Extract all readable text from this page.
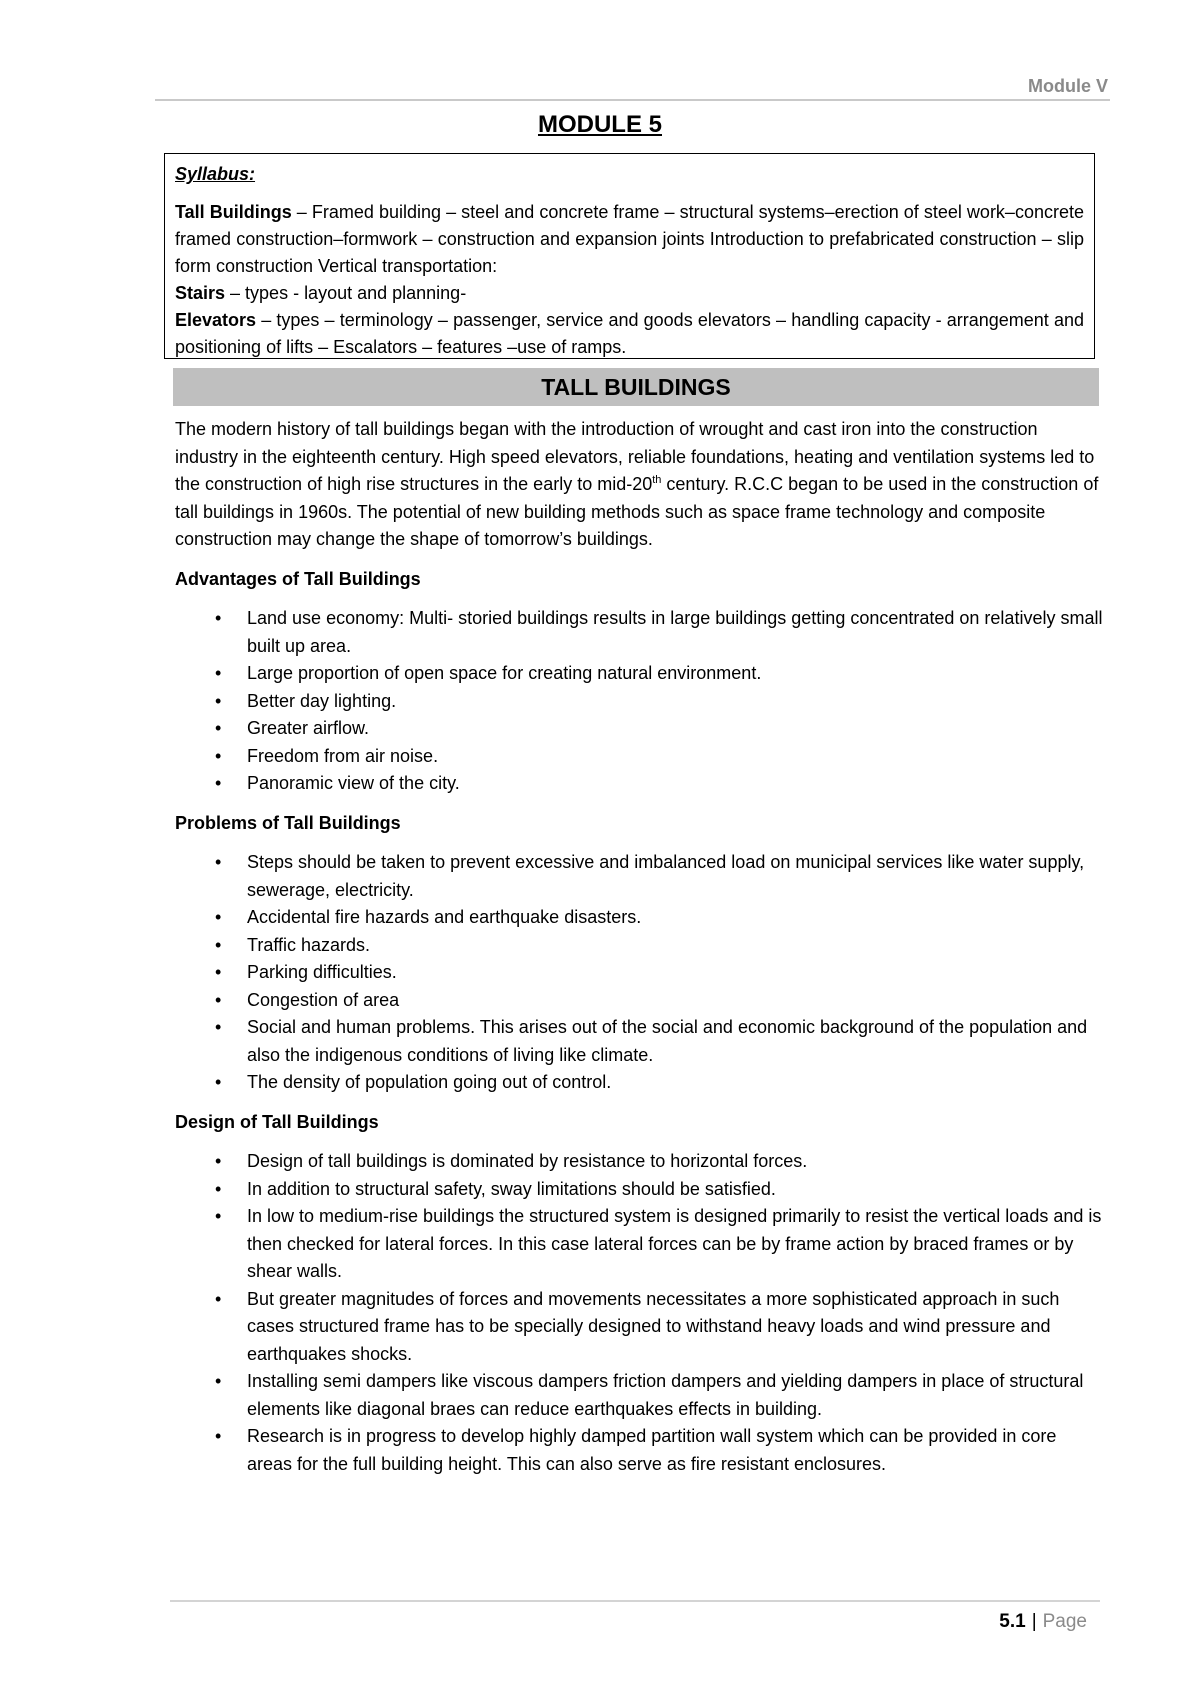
Module V
MODULE 5
Syllabus:
Tall Buildings – Framed building – steel and concrete frame – structural systems–erection of steel work–concrete framed construction–formwork – construction and expansion joints Introduction to prefabricated construction – slip form construction Vertical transportation:
Stairs – types - layout and planning-
Elevators – types – terminology – passenger, service and goods elevators – handling capacity - arrangement and positioning of lifts – Escalators – features –use of ramps.
TALL BUILDINGS

The modern history of tall buildings began with the introduction of wrought and cast iron into the construction industry in the eighteenth century. High speed elevators, reliable foundations, heating and ventilation systems led to the construction of high rise structures in the early to mid-20th century. R.C.C began to be used in the construction of tall buildings in 1960s. The potential of new building methods such as space frame technology and composite construction may change the shape of tomorrow’s buildings.

Advantages of Tall Buildings
• Land use economy: Multi- storied buildings results in large buildings getting concentrated on relatively small built up area.
• Large proportion of open space for creating natural environment.
• Better day lighting.
• Greater airflow.
• Freedom from air noise.
• Panoramic view of the city.
Problems of Tall Buildings
• Steps should be taken to prevent excessive and imbalanced load on municipal services like water supply, sewerage, electricity.
• Accidental fire hazards and earthquake disasters.
• Traffic hazards.
• Parking difficulties.
• Congestion of area
• Social and human problems. This arises out of the social and economic background of the population and also the indigenous conditions of living like climate.
• The density of population going out of control.
Design of Tall Buildings
• Design of tall buildings is dominated by resistance to horizontal forces.
• In addition to structural safety, sway limitations should be satisfied.
• In low to medium-rise buildings the structured system is designed primarily to resist the vertical loads and is then checked for lateral forces. In this case lateral forces can be by frame action by braced frames or by shear walls.
• But greater magnitudes of forces and movements necessitates a more sophisticated approach in such cases structured frame has to be specially designed to withstand heavy loads and wind pressure and earthquakes shocks.
• Installing semi dampers like viscous dampers friction dampers and yielding dampers in place of structural elements like diagonal braes can reduce earthquakes effects in building.
• Research is in progress to develop highly damped partition wall system which can be provided in core areas for the full building height. This can also serve as fire resistant enclosures.
5.1 | Page
